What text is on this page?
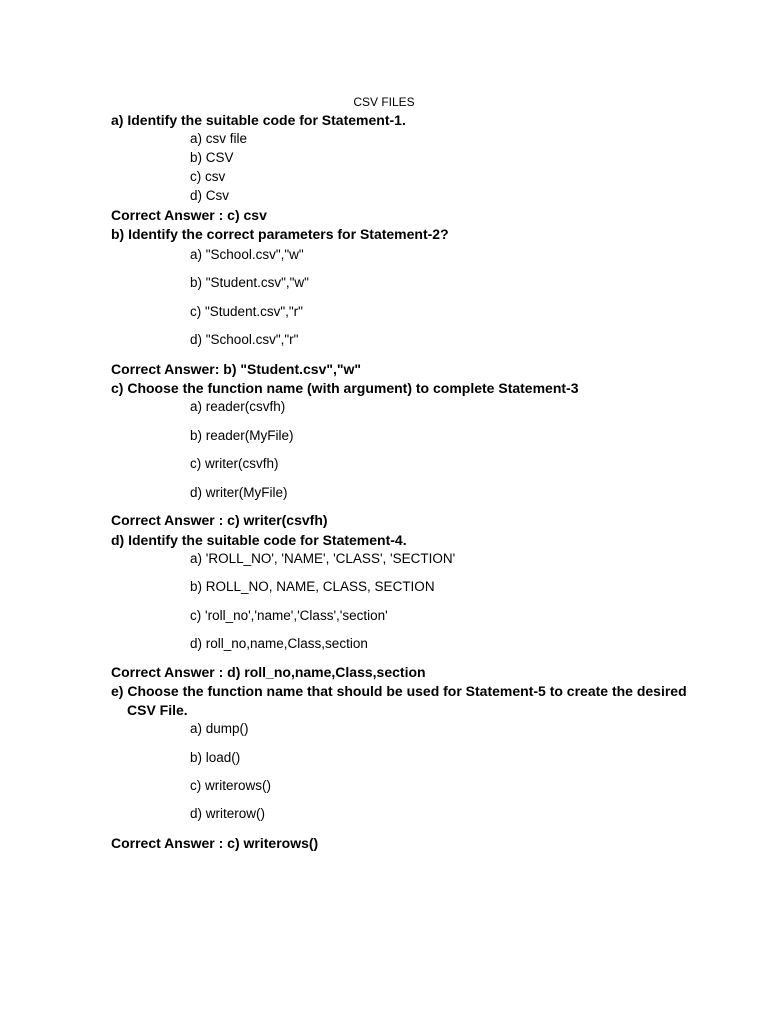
CSV FILES
a) Identify the suitable code for Statement-1.
a) csv file
b) CSV
c) csv
d) Csv
Correct Answer : c) csv
b) Identify the correct parameters for Statement-2?
a) "School.csv","w"
b) "Student.csv","w"
c) "Student.csv","r"
d) "School.csv","r"
Correct Answer: b) "Student.csv","w"
c) Choose the function name (with argument) to complete Statement-3
a) reader(csvfh)
b) reader(MyFile)
c) writer(csvfh)
d) writer(MyFile)
Correct Answer : c) writer(csvfh)
d) Identify the suitable code for Statement-4.
a) 'ROLL_NO', 'NAME', 'CLASS', 'SECTION'
b) ROLL_NO, NAME, CLASS, SECTION
c) 'roll_no','name','Class','section'
d) roll_no,name,Class,section
Correct Answer : d) roll_no,name,Class,section
e) Choose the function name that should be used for Statement-5 to create the desired CSV File.
a) dump()
b) load()
c) writerows()
d) writerow()
Correct Answer : c) writerows()
